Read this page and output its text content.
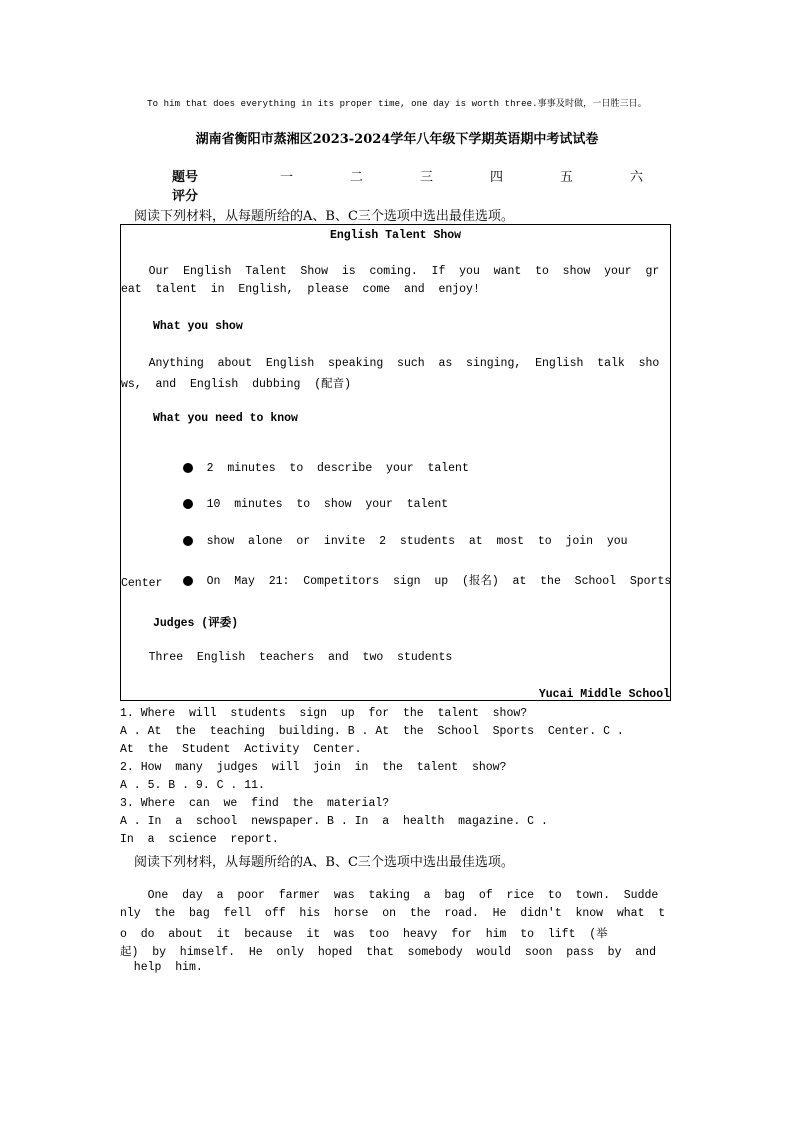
To him that does everything in its proper time, one day is worth three.事事及时做，一日胜三日。
湖南省衡阳市蒸湘区2023-2024学年八年级下学期英语期中考试试卷
题号	一	二	三	四	五	六
评分
阅读下列材料，从每题所给的A、B、C三个选项中选出最佳选项。
English Talent Show
Our  English  Talent  Show  is  coming.  If  you  want  to  show  your  gr
eat  talent  in  English,  please  come  and  enjoy!
What you show
Anything  about  English  speaking  such  as  singing,  English  talk  sho
ws,  and  English  dubbing  (配音)
What you need to know

2  minutes  to  describe  your  talent

10  minutes  to  show  your  talent

show  alone  or  invite  2  students  at  most  to  join  you

On  May  21:  Competitors  sign  up  (报名)  at  the  School  Sports

Center
Judges (评委)
Three  English  teachers  and  two  students
Yucai Middle School
1. Where  will  students  sign  up  for  the  talent  show?
A . At  the  teaching  building. B . At  the  School  Sports  Center. C .
At  the  Student  Activity  Center.
2. How  many  judges  will  join  in  the  talent  show?
A . 5. B . 9. C . 11.
3. Where  can  we  find  the  material?
A . In  a  school  newspaper. B . In  a  health  magazine. C .
In  a  science  report.
阅读下列材料，从每题所给的A、B、C三个选项中选出最佳选项。
One  day  a  poor  farmer  was  taking  a  bag  of  rice  to  town.  Sudde
nly  the  bag  fell  off  his  horse  on  the  road.  He  didn't  know  what  t
o  do  about  it  because  it  was  too  heavy  for  him  to  lift  (举
起)  by  himself.  He  only  hoped  that  somebody  would  soon  pass  by  and
help  him.
